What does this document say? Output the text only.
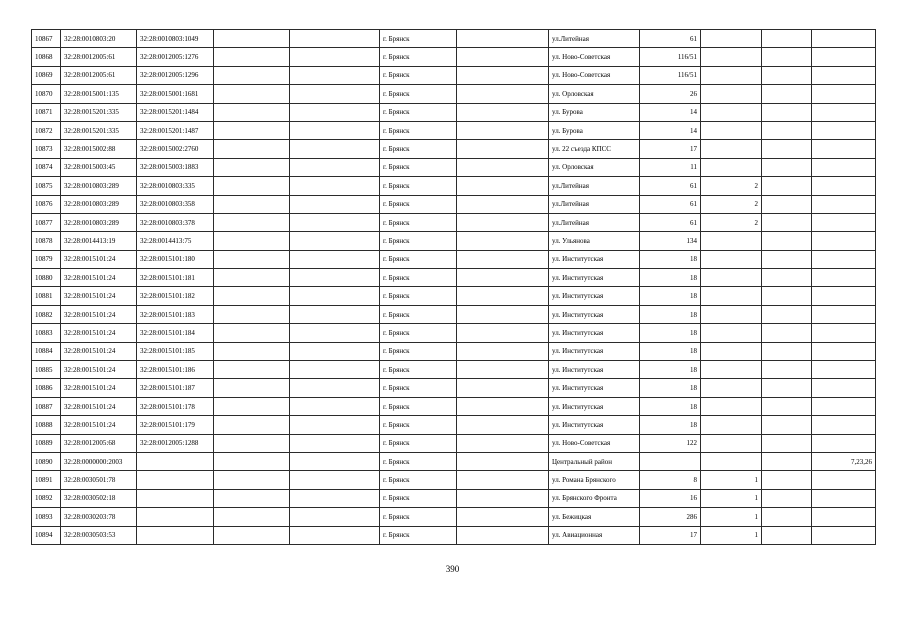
10867	32:28:0010803:20	32:28:0010803:1049			г. Брянск		ул.Литейная	61			
10868	32:28:0012005:61	32:28:0012005:1276			г. Брянск		ул. Ново-Советская	116/51			
10869	32:28:0012005:61	32:28:0012005:1296			г. Брянск		ул. Ново-Советская	116/51			
10870	32:28:0015001:135	32:28:0015001:1681			г. Брянск		ул. Орловская	26			
10871	32:28:0015201:335	32:28:0015201:1484			г. Брянск		ул. Бурова	14			
10872	32:28:0015201:335	32:28:0015201:1487			г. Брянск		ул. Бурова	14			
10873	32:28:0015002:88	32:28:0015002:2760			г. Брянск		ул. 22 съезда КПСС	17			
10874	32:28:0015003:45	32:28:0015003:1883			г. Брянск		ул. Орловская	11			
10875	32:28:0010803:289	32:28:0010803:335			г. Брянск		ул.Литейная	61	2		
10876	32:28:0010803:289	32:28:0010803:358			г. Брянск		ул.Литейная	61	2		
10877	32:28:0010803:289	32:28:0010803:378			г. Брянск		ул.Литейная	61	2		
10878	32:28:0014413:19	32:28:0014413:75			г. Брянск		ул. Ульянова	134			
10879	32:28:0015101:24	32:28:0015101:180			г. Брянск		ул. Институтская	18			
10880	32:28:0015101:24	32:28:0015101:181			г. Брянск		ул. Институтская	18			
10881	32:28:0015101:24	32:28:0015101:182			г. Брянск		ул. Институтская	18			
10882	32:28:0015101:24	32:28:0015101:183			г. Брянск		ул. Институтская	18			
10883	32:28:0015101:24	32:28:0015101:184			г. Брянск		ул. Институтская	18			
10884	32:28:0015101:24	32:28:0015101:185			г. Брянск		ул. Институтская	18			
10885	32:28:0015101:24	32:28:0015101:186			г. Брянск		ул. Институтская	18			
10886	32:28:0015101:24	32:28:0015101:187			г. Брянск		ул. Институтская	18			
10887	32:28:0015101:24	32:28:0015101:178			г. Брянск		ул. Институтская	18			
10888	32:28:0015101:24	32:28:0015101:179			г. Брянск		ул. Институтская	18			
10889	32:28:0012005:68	32:28:0012005:1288			г. Брянск		ул. Ново-Советская	122			
10890	32:28:0000000:2003				г. Брянск		Центральный район				7,23,26
10891	32:28:0030501:78				г. Брянск		ул. Романа Брянского	8	1		
10892	32:28:0030502:18				г. Брянск		ул. Брянского Фронта	16	1		
10893	32:28:0030203:78				г. Брянск		ул. Бежицкая	286	1		
10894	32:28:0030503:53				г. Брянск		ул. Авиационная	17	1		
390
